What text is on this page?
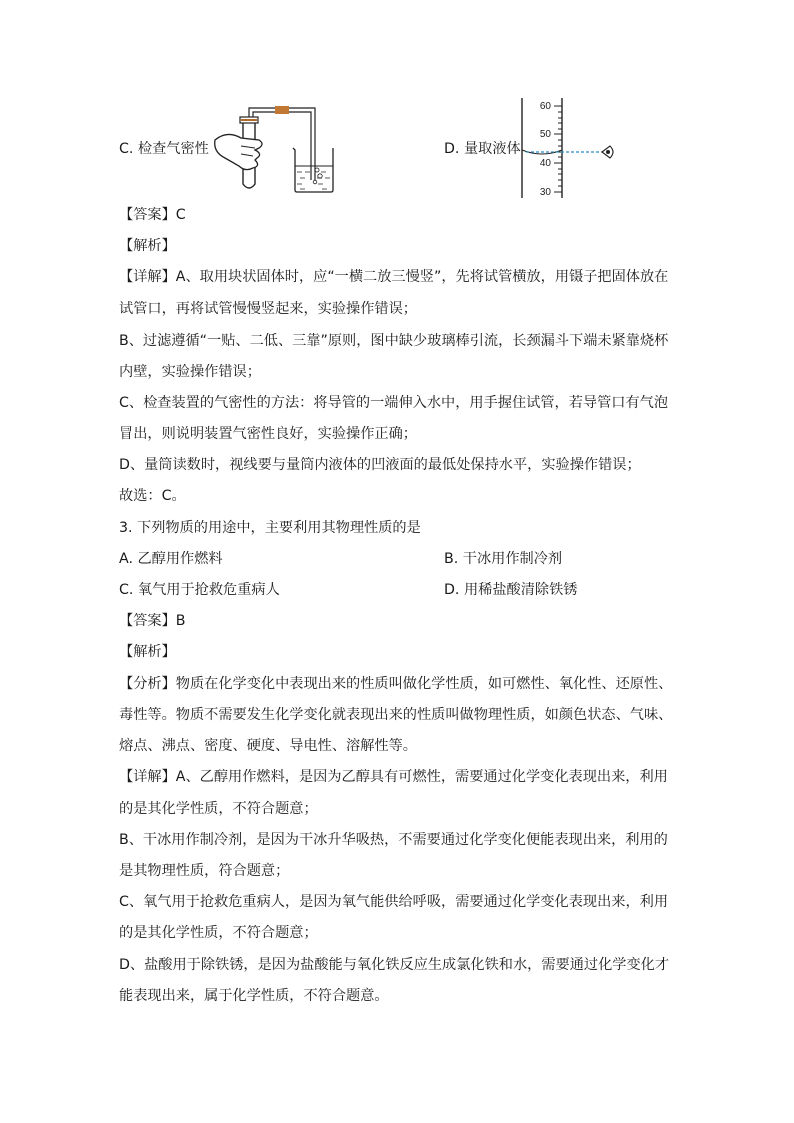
C. 检查气密性	D. 量取液体
60
50
40
30
【答案】C
【解析】
【详解】A、取用块状固体时，应“一横二放三慢竖”，先将试管横放，用镊子把固体放在
试管口，再将试管慢慢竖起来，实验操作错误；
B、过滤遵循“一贴、二低、三靠”原则，图中缺少玻璃棒引流，长颈漏斗下端未紧靠烧杯
内壁，实验操作错误；
C、检查装置的气密性的方法：将导管的一端伸入水中，用手握住试管，若导管口有气泡
冒出，则说明装置气密性良好，实验操作正确；
D、量筒读数时，视线要与量筒内液体的凹液面的最低处保持水平，实验操作错误；
故选：C。
3. 下列物质的用途中，主要利用其物理性质的是
A. 乙醇用作燃料	B. 干冰用作制冷剂
C. 氧气用于抢救危重病人	D. 用稀盐酸清除铁锈
【答案】B
【解析】
【分析】物质在化学变化中表现出来的性质叫做化学性质，如可燃性、氧化性、还原性、
毒性等。物质不需要发生化学变化就表现出来的性质叫做物理性质，如颜色状态、气味、
熔点、沸点、密度、硬度、导电性、溶解性等。
【详解】A、乙醇用作燃料，是因为乙醇具有可燃性，需要通过化学变化表现出来，利用
的是其化学性质，不符合题意；
B、干冰用作制冷剂，是因为干冰升华吸热，不需要通过化学变化便能表现出来，利用的
是其物理性质，符合题意；
C、氧气用于抢救危重病人，是因为氧气能供给呼吸，需要通过化学变化表现出来，利用
的是其化学性质，不符合题意；
D、盐酸用于除铁锈，是因为盐酸能与氧化铁反应生成氯化铁和水，需要通过化学变化才
能表现出来，属于化学性质，不符合题意。
